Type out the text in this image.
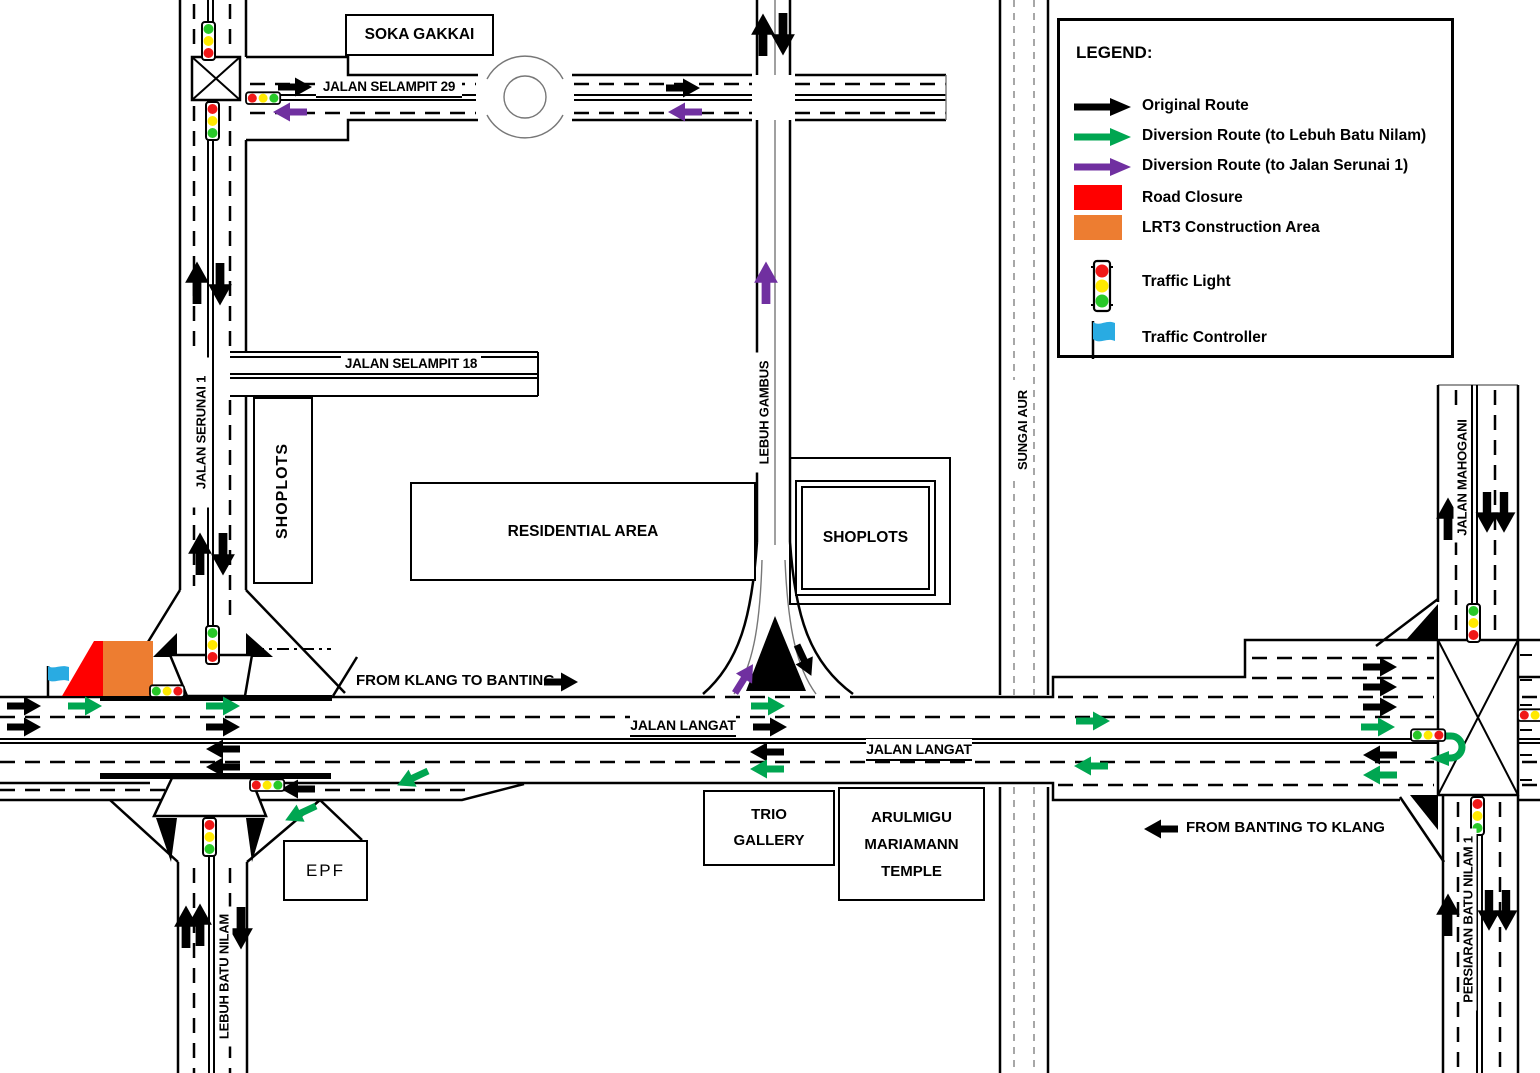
SOKA GAKKAI
JALAN SELAMPIT 29
JALAN SELAMPIT 18
JALAN SERUNAI 1
SHOPLOTS	RESIDENTIAL AREA	SHOPLOTS
LEBUH GAMBUS	SUNGAI AUR
FROM KLANG TO BANTING
JALAN LANGAT
JALAN LANGAT
TRIO
GALLERY
ARULMIGU
MARIAMANN
TEMPLE
EPF
LEBUH BATU NILAM
FROM BANTING TO KLANG
JALAN MAHOGANI
PERSIARAN BATU NILAM 1
LEGEND:
Original Route
Diversion Route (to Lebuh Batu Nilam)
Diversion Route (to Jalan Serunai 1)
Road Closure
LRT3 Construction Area
Traffic Light
Traffic Controller
